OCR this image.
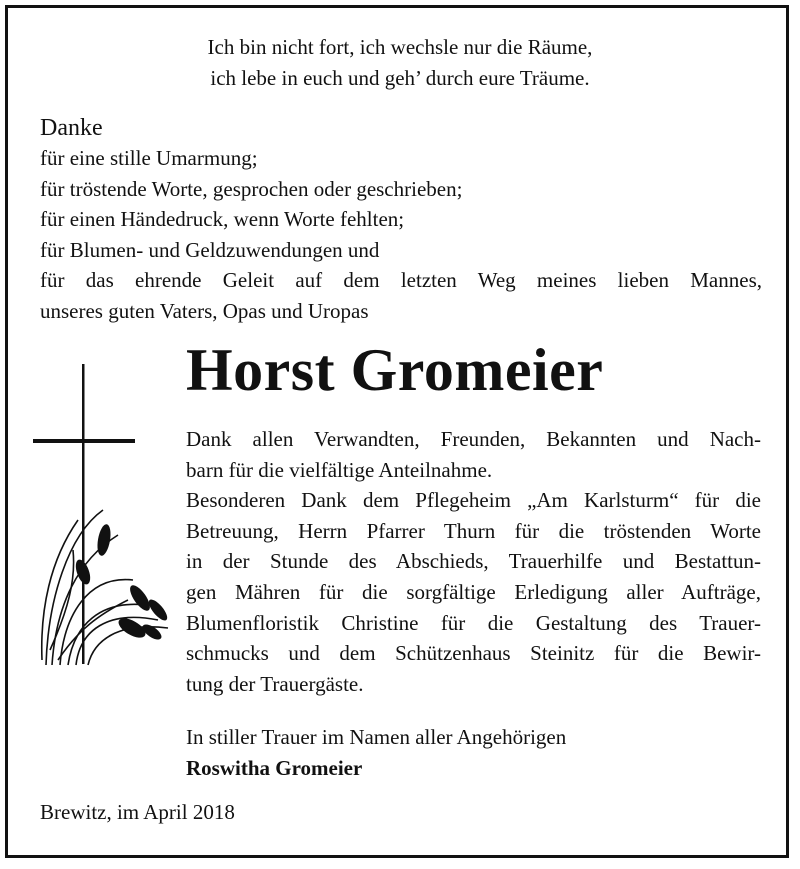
Ich bin nicht fort, ich wechsle nur die Räume,
ich lebe in euch und geh’ durch eure Träume.
Danke
für eine stille Umarmung;
für tröstende Worte, gesprochen oder geschrieben;
für einen Händedruck, wenn Worte fehlten;
für Blumen- und Geldzuwendungen und
für das ehrende Geleit auf dem letzten Weg meines lieben Mannes,
unseres guten Vaters, Opas und Uropas
Horst Gromeier
Dank allen Verwandten, Freunden, Bekannten und Nach-
barn für die vielfältige Anteilnahme.
Besonderen Dank dem Pflegeheim „Am Karlsturm“ für die
Betreuung, Herrn Pfarrer Thurn für die tröstenden Worte
in der Stunde des Abschieds, Trauerhilfe und Bestattun-
gen Mähren für die sorgfältige Erledigung aller Aufträge,
Blumenfloristik Christine für die Gestaltung des Trauer-
schmucks und dem Schützenhaus Steinitz für die Bewir-
tung der Trauergäste.
In stiller Trauer im Namen aller Angehörigen
Roswitha Gromeier
Brewitz, im April 2018
